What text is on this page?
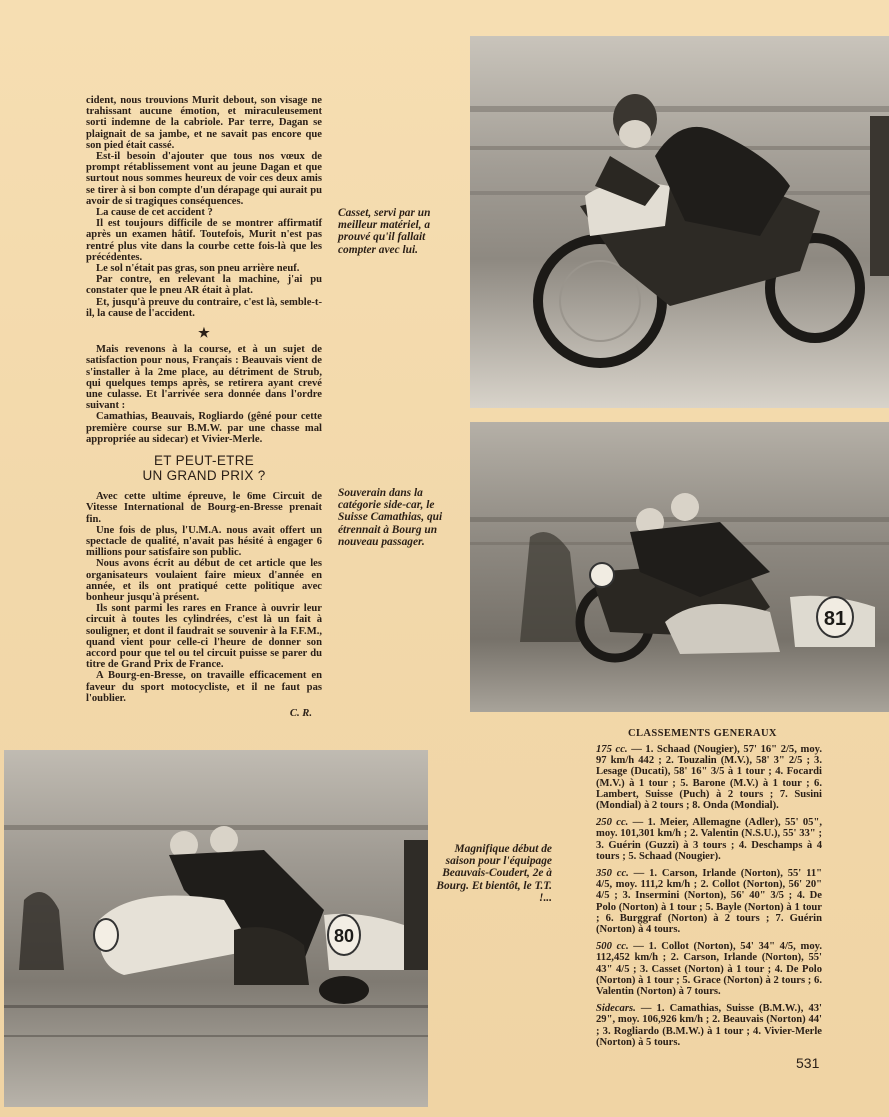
cident, nous trouvions Murit debout, son visage ne trahissant aucune émotion, et miraculeusement sorti indemne de la cabriole. Par terre, Dagan se plaignait de sa jambe, et ne savait pas encore que son pied était cassé.

Est-il besoin d'ajouter que tous nos vœux de prompt rétablissement vont au jeune Dagan et que surtout nous sommes heureux de voir ces deux amis se tirer à si bon compte d'un dérapage qui aurait pu avoir de si tragiques conséquences.

La cause de cet accident ?

Il est toujours difficile de se montrer affirmatif après un examen hâtif. Toutefois, Murit n'est pas rentré plus vite dans la courbe cette fois-là que les précédentes.

Le sol n'était pas gras, son pneu arrière neuf.

Par contre, en relevant la machine, j'ai pu constater que le pneu AR était à plat.

Et, jusqu'à preuve du contraire, c'est là, semble-t-il, la cause de l'accident.

★

Mais revenons à la course, et à un sujet de satisfaction pour nous, Français : Beauvais vient de s'installer à la 2me place, au détriment de Strub, qui quelques temps après, se retirera ayant crevé une culasse. Et l'arrivée sera donnée dans l'ordre suivant :

Camathias, Beauvais, Rogliardo (gêné pour cette première course sur B.M.W. par une chasse mal appropriée au sidecar) et Vivier-Merle.

ET PEUT-ETRE
UN GRAND PRIX ?

Avec cette ultime épreuve, le 6me Circuit de Vitesse International de Bourg-en-Bresse prenait fin.

Une fois de plus, l'U.M.A. nous avait offert un spectacle de qualité, n'avait pas hésité à engager 6 millions pour satisfaire son public.

Nous avons écrit au début de cet article que les organisateurs voulaient faire mieux d'année en année, et ils ont pratiqué cette politique avec bonheur jusqu'à présent.

Ils sont parmi les rares en France à ouvrir leur circuit à toutes les cylindrées, c'est là un fait à souligner, et dont il faudrait se souvenir à la F.F.M., quand vient pour celle-ci l'heure de donner son accord pour que tel ou tel circuit puisse se parer du titre de Grand Prix de France.

A Bourg-en-Bresse, on travaille efficacement en faveur du sport motocycliste, et il ne faut pas l'oublier.

C. R.
Casset, servi par un meilleur matériel, a prouvé qu'il fallait compter avec lui.
Souverain dans la catégorie side-car, le Suisse Camathias, qui étrennait à Bourg un nouveau passager.
Magnifique début de saison pour l'équipage Beauvais-Coudert, 2e à Bourg. Et bientôt, le T.T. !...
81
80
CLASSEMENTS GENERAUX

175 cc. — 1. Schaad (Nougier), 57' 16" 2/5, moy. 97 km/h 442 ; 2. Touzalin (M.V.), 58' 3" 2/5 ; 3. Lesage (Ducati), 58' 16" 3/5 à 1 tour ; 4. Focardi (M.V.) à 1 tour ; 5. Barone (M.V.) à 1 tour ; 6. Lambert, Suisse (Puch) à 2 tours ; 7. Susini (Mondial) à 2 tours ; 8. Onda (Mondial).

250 cc. — 1. Meier, Allemagne (Adler), 55' 05", moy. 101,301 km/h ; 2. Valentin (N.S.U.), 55' 33" ; 3. Guérin (Guzzi) à 3 tours ; 4. Deschamps à 4 tours ; 5. Schaad (Nougier).

350 cc. — 1. Carson, Irlande (Norton), 55' 11" 4/5, moy. 111,2 km/h ; 2. Collot (Norton), 56' 20" 4/5 ; 3. Insermini (Norton), 56' 40" 3/5 ; 4. De Polo (Norton) à 1 tour ; 5. Bayle (Norton) à 1 tour ; 6. Burggraf (Norton) à 2 tours ; 7. Guérin (Norton) à 4 tours.

500 cc. — 1. Collot (Norton), 54' 34" 4/5, moy. 112,452 km/h ; 2. Carson, Irlande (Norton), 55' 43" 4/5 ; 3. Casset (Norton) à 1 tour ; 4. De Polo (Norton) à 1 tour ; 5. Grace (Norton) à 2 tours ; 6. Valentin (Norton) à 7 tours.

Sidecars. — 1. Camathias, Suisse (B.M.W.), 43' 29", moy. 106,926 km/h ; 2. Beauvais (Norton) 44' ; 3. Rogliardo (B.M.W.) à 1 tour ; 4. Vivier-Merle (Norton) à 5 tours.

531
